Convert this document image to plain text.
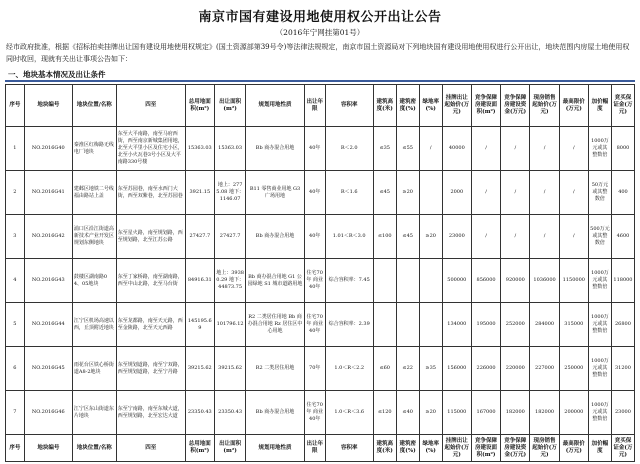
南京市国有建设用地使用权公开出让公告
（2016年宁网挂第01号）
经市政府批准，根据《招标拍卖挂牌出让国有建设用地使用权规定》(国土资源部第39号令)等法律法规规定，南京市国土资源局对下列地块国有建设用地使用权进行公开出让，地块范围内房屋土地使用权同时收回，现就有关出让事项公告如下：
一、地块基本情况及出让条件
序号	地块编号	地块位置/名称	四至	总用地面积(m²)	出让面积(m²)	规划用地性质	出让年限	容积率	建筑高度(米)	建筑密度(%)	绿地率(%)	挂牌出让起始价(万元)	竞争保障房建设面积(m²)	竞争保障房建设资金(万元)	现房销售起始价(万元)	最高限价(万元)	加价幅度	竞买保证金(万元)
1	NO.2016G40	秦淮区红梅路无线电厂地块	东至大平南路，南至马府西街，西至南京新城集团用地，北至大平里小区及住宅小区，北至小火瓦巷3号小区及大平南路330号楼	15363.03	15363.03	Bb 商办混合用地	40年	R＜2.0	≤35	≤55	/	40000	/	/	/	/	1000万元或其整数倍	8000
2	NO.2016G41	建邺区地铁二号线福由路站上盖	东至苏园巷，南至水西门大街，西至双紫巷，北至苏园巷	3921.15	地上：2775.08 地下：1146.07	B11 零售商业用地 G3 广场用地	40年	R＜1.6	≤45	≥20		2000	/	/	/	/	50万元或其整数倍	400
3	NO.2016G42	浦口区沿江街道高新技术产业开发区规划东侧地块	东至星火路，南至规划路，西至规划路，北至江苏公路	27427.7	27427.7	Bb 商办混合用地	40年	1.01＜R＜3.0	≤100	≤45	≥20	23000	/	/	/	/	500万元或其整数倍	4600
4	NO.2016G43	鼓楼区湖南路04、05地块	东至丁家桥路，南至湖南路，西至中山北路，北至马台街	84916.31	地上：39380.29 地下：44873.75	Bb 商办混合用地 G1 公园绿地 S1 城市道路用地	住宅70年 商业40年	综合容积率：7.45				500000	856000	920000	1036000	1150000	1000万元或其整数倍	118000
5	NO.2016G44	江宁区机场高速以西，丘顶附近地块	东至龙都路，南至天元路，西至金陵路，北至天元西路	145195.69	101796.12	R2 二类居住用地 Bb 商办混合用地 Rz 居住区中心用地	住宅70年 商业40年	综合容积率：2.39				134000	195000	252000	284000	315000	1000万元或其整数倍	26800
6	NO.2016G45	雨花台区铁心桥街道A8-2地块	东至规划道路，南至宁双路，西至规划道路，北至宁丹路	39215.62	39215.62	R2 二类居住用地	70年	1.0＜R＜2.2	≤60	≤22	≥35	156000	226000	220000	227000	250000	1000万元或其整数倍	31200
7	NO.2016G46	江宁区东山街道东片地块	东至宁南路，南至东城大道，西至规划路，北至宏达大道	23350.43	23350.43	Bb 商办混合用地	住宅70年 商业40年	1.0＜R＜3.6	≤120	≤40	≥20	115000	167000	182000	182000	200000	1000万元或其整数倍	23000
序号	地块编号	地块位置/名称	四至	总用地面积(m²)	出让面积(m²)	规划用地性质	出让年限	容积率	建筑高度(米)	建筑密度(%)	绿地率(%)	挂牌出让起始价(万元)	竞争保障房建设面积(m²)	竞争保障房建设资金(万元)	现房销售起始价(万元)	最高限价(万元)	加价幅度	竞买保证金(万元)
